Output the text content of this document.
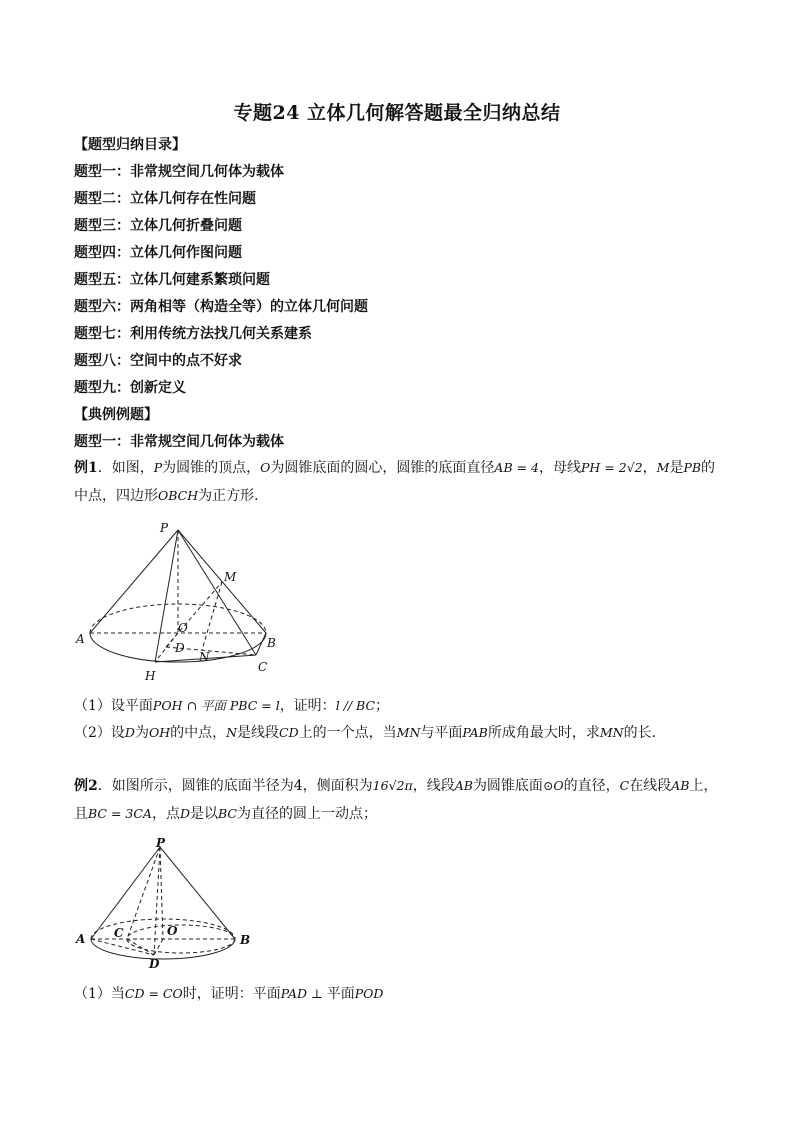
专题24 立体几何解答题最全归纳总结
【题型归纳目录】
题型一：非常规空间几何体为载体
题型二：立体几何存在性问题
题型三：立体几何折叠问题
题型四：立体几何作图问题
题型五：立体几何建系繁琐问题
题型六：两角相等（构造全等）的立体几何问题
题型七：利用传统方法找几何关系建系
题型八：空间中的点不好求
题型九：创新定义
【典例例题】
题型一：非常规空间几何体为载体
例1．如图，P为圆锥的顶点，O为圆锥底面的圆心，圆锥的底面直径AB = 4，母线PH = 2√2，M是PB的中点，四边形OBCH为正方形．
P
M
A
O
B
D
N
H
C
（1）设平面POH ∩ 平面 PBC = l，证明：l // BC；
（2）设D为OH的中点，N是线段CD上的一个点，当MN与平面PAB所成角最大时，求MN的长．
例2．如图所示，圆锥的底面半径为4，侧面积为16√2π，线段AB为圆锥底面⊙O的直径，C在线段AB上，且BC = 3CA，点D是以BC为直径的圆上一动点；
P
A C	O
B
D
（1）当CD = CO时，证明：平面PAD ⊥ 平面POD
